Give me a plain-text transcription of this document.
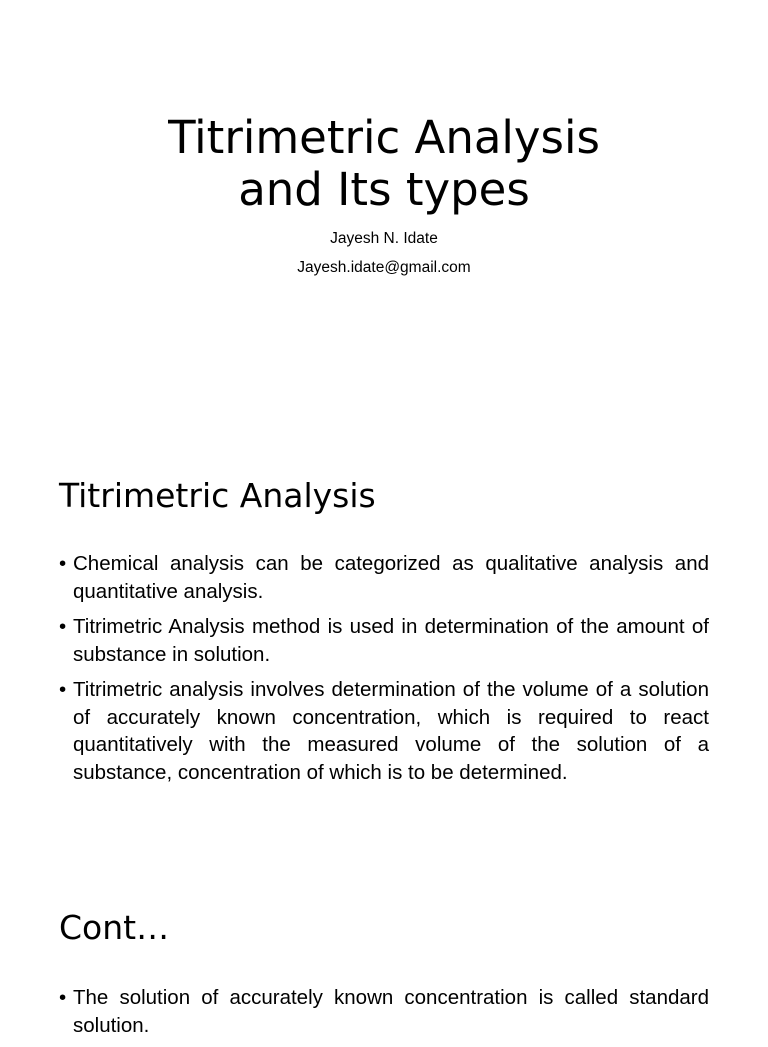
Titrimetric Analysis
and Its types

Jayesh N. Idate

Jayesh.idate@gmail.com

Titrimetric Analysis
• Chemical analysis can be categorized as qualitative analysis and quantitative analysis.
• Titrimetric Analysis method is used in determination of the amount of substance in solution.
• Titrimetric analysis involves determination of the volume of a solution of accurately known concentration, which is required to react quantitatively with the measured volume of the solution of a substance, concentration of which is to be determined.
Cont…
• The solution of accurately known concentration is called standard solution.
